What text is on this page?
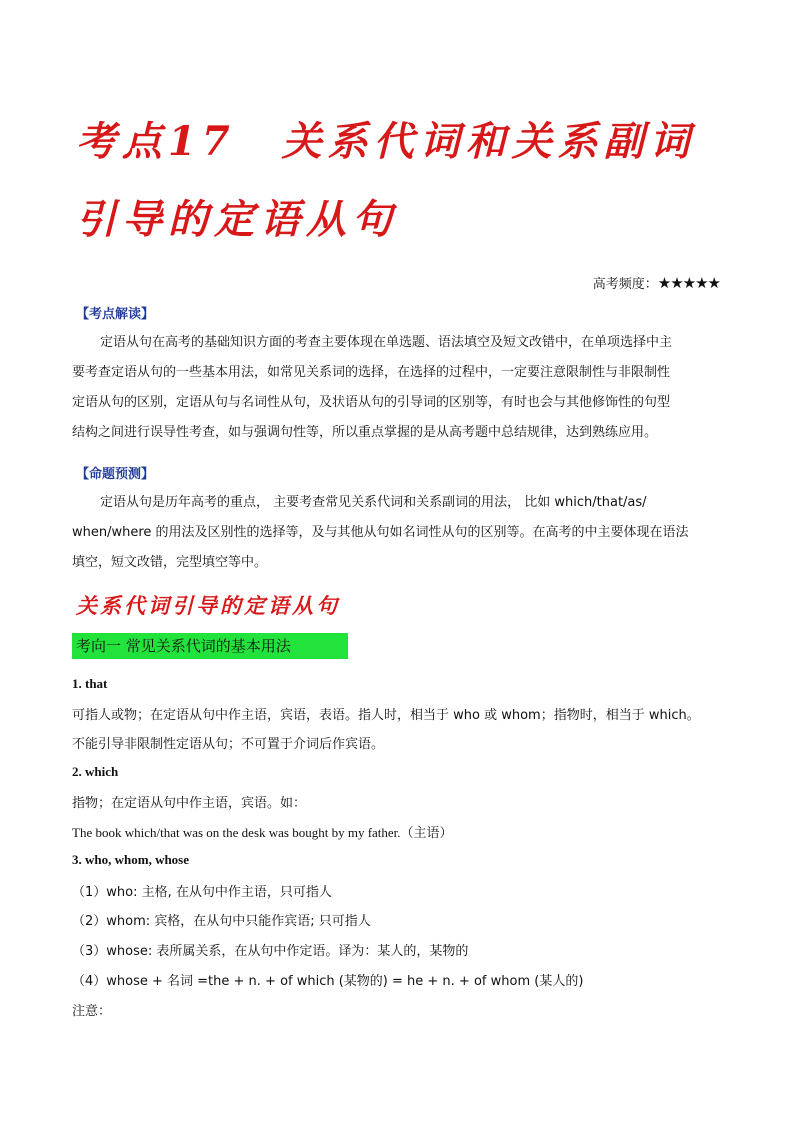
考点17　关系代词和关系副词
引导的定语从句
高考频度：★★★★★
【考点解读】
定语从句在高考的基础知识方面的考查主要体现在单选题、语法填空及短文改错中，在单项选择中主
要考查定语从句的一些基本用法，如常见关系词的选择，在选择的过程中，一定要注意限制性与非限制性
定语从句的区别，定语从句与名词性从句，及状语从句的引导词的区别等，有时也会与其他修饰性的句型
结构之间进行误导性考查，如与强调句性等，所以重点掌握的是从高考题中总结规律，达到熟练应用。
【命题预测】
定语从句是历年高考的重点， 主要考查常见关系代词和关系副词的用法， 比如 which/that/as/
when/where 的用法及区别性的选择等，及与其他从句如名词性从句的区别等。在高考的中主要体现在语法
填空，短文改错，完型填空等中。
关系代词引导的定语从句
考向一 常见关系代词的基本用法
1. that
可指人或物；在定语从句中作主语，宾语，表语。指人时，相当于 who 或 whom；指物时，相当于 which。
不能引导非限制性定语从句；不可置于介词后作宾语。
2. which
指物；在定语从句中作主语，宾语。如：
The book which/that was on the desk was bought by my father.（主语）
3. who, whom, whose
（1）who: 主格, 在从句中作主语，只可指人
（2）whom: 宾格，在从句中只能作宾语; 只可指人
（3）whose: 表所属关系，在从句中作定语。译为：某人的，某物的
（4）whose + 名词 =the + n. + of which (某物的) = he + n. + of whom (某人的)
注意：
